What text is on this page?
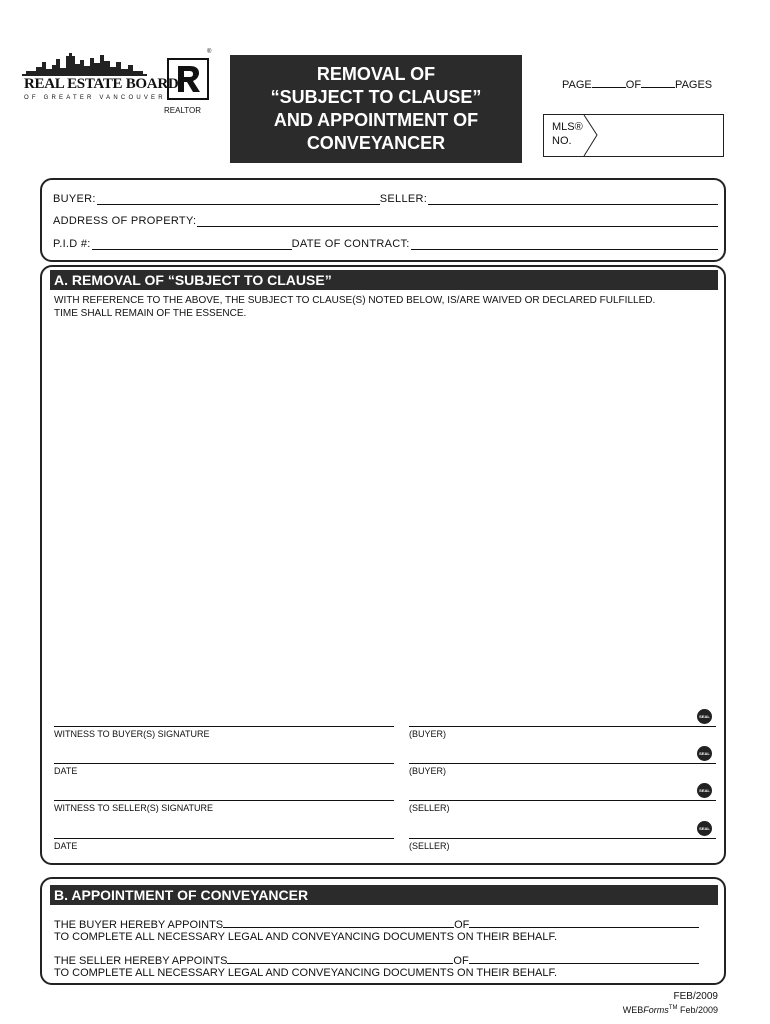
REAL ESTATE BOARD
OF GREATER VANCOUVER
REALTOR
®
REMOVAL OF
“SUBJECT TO CLAUSE”
AND APPOINTMENT OF
CONVEYANCER
PAGE	OF	PAGES
MLS®
NO.
BUYER:	SELLER:
ADDRESS OF PROPERTY:
P.I.D #:	DATE OF CONTRACT:
A. REMOVAL OF “SUBJECT TO CLAUSE”
WITH REFERENCE TO THE ABOVE, THE SUBJECT TO CLAUSE(S) NOTED BELOW, IS/ARE WAIVED OR DECLARED FULFILLED.
TIME SHALL REMAIN OF THE ESSENCE.
SEAL
WITNESS TO BUYER(S) SIGNATURE	(BUYER)
SEAL
DATE	(BUYER)
SEAL
WITNESS TO SELLER(S) SIGNATURE	(SELLER)
SEAL
DATE	(SELLER)
B. APPOINTMENT OF CONVEYANCER
THE BUYER HEREBY APPOINTS	OF
TO COMPLETE ALL NECESSARY LEGAL AND CONVEYANCING DOCUMENTS ON THEIR BEHALF.
THE SELLER HEREBY APPOINTS	OF
TO COMPLETE ALL NECESSARY LEGAL AND CONVEYANCING DOCUMENTS ON THEIR BEHALF.
FEB/2009
WEBForms™ Feb/2009
